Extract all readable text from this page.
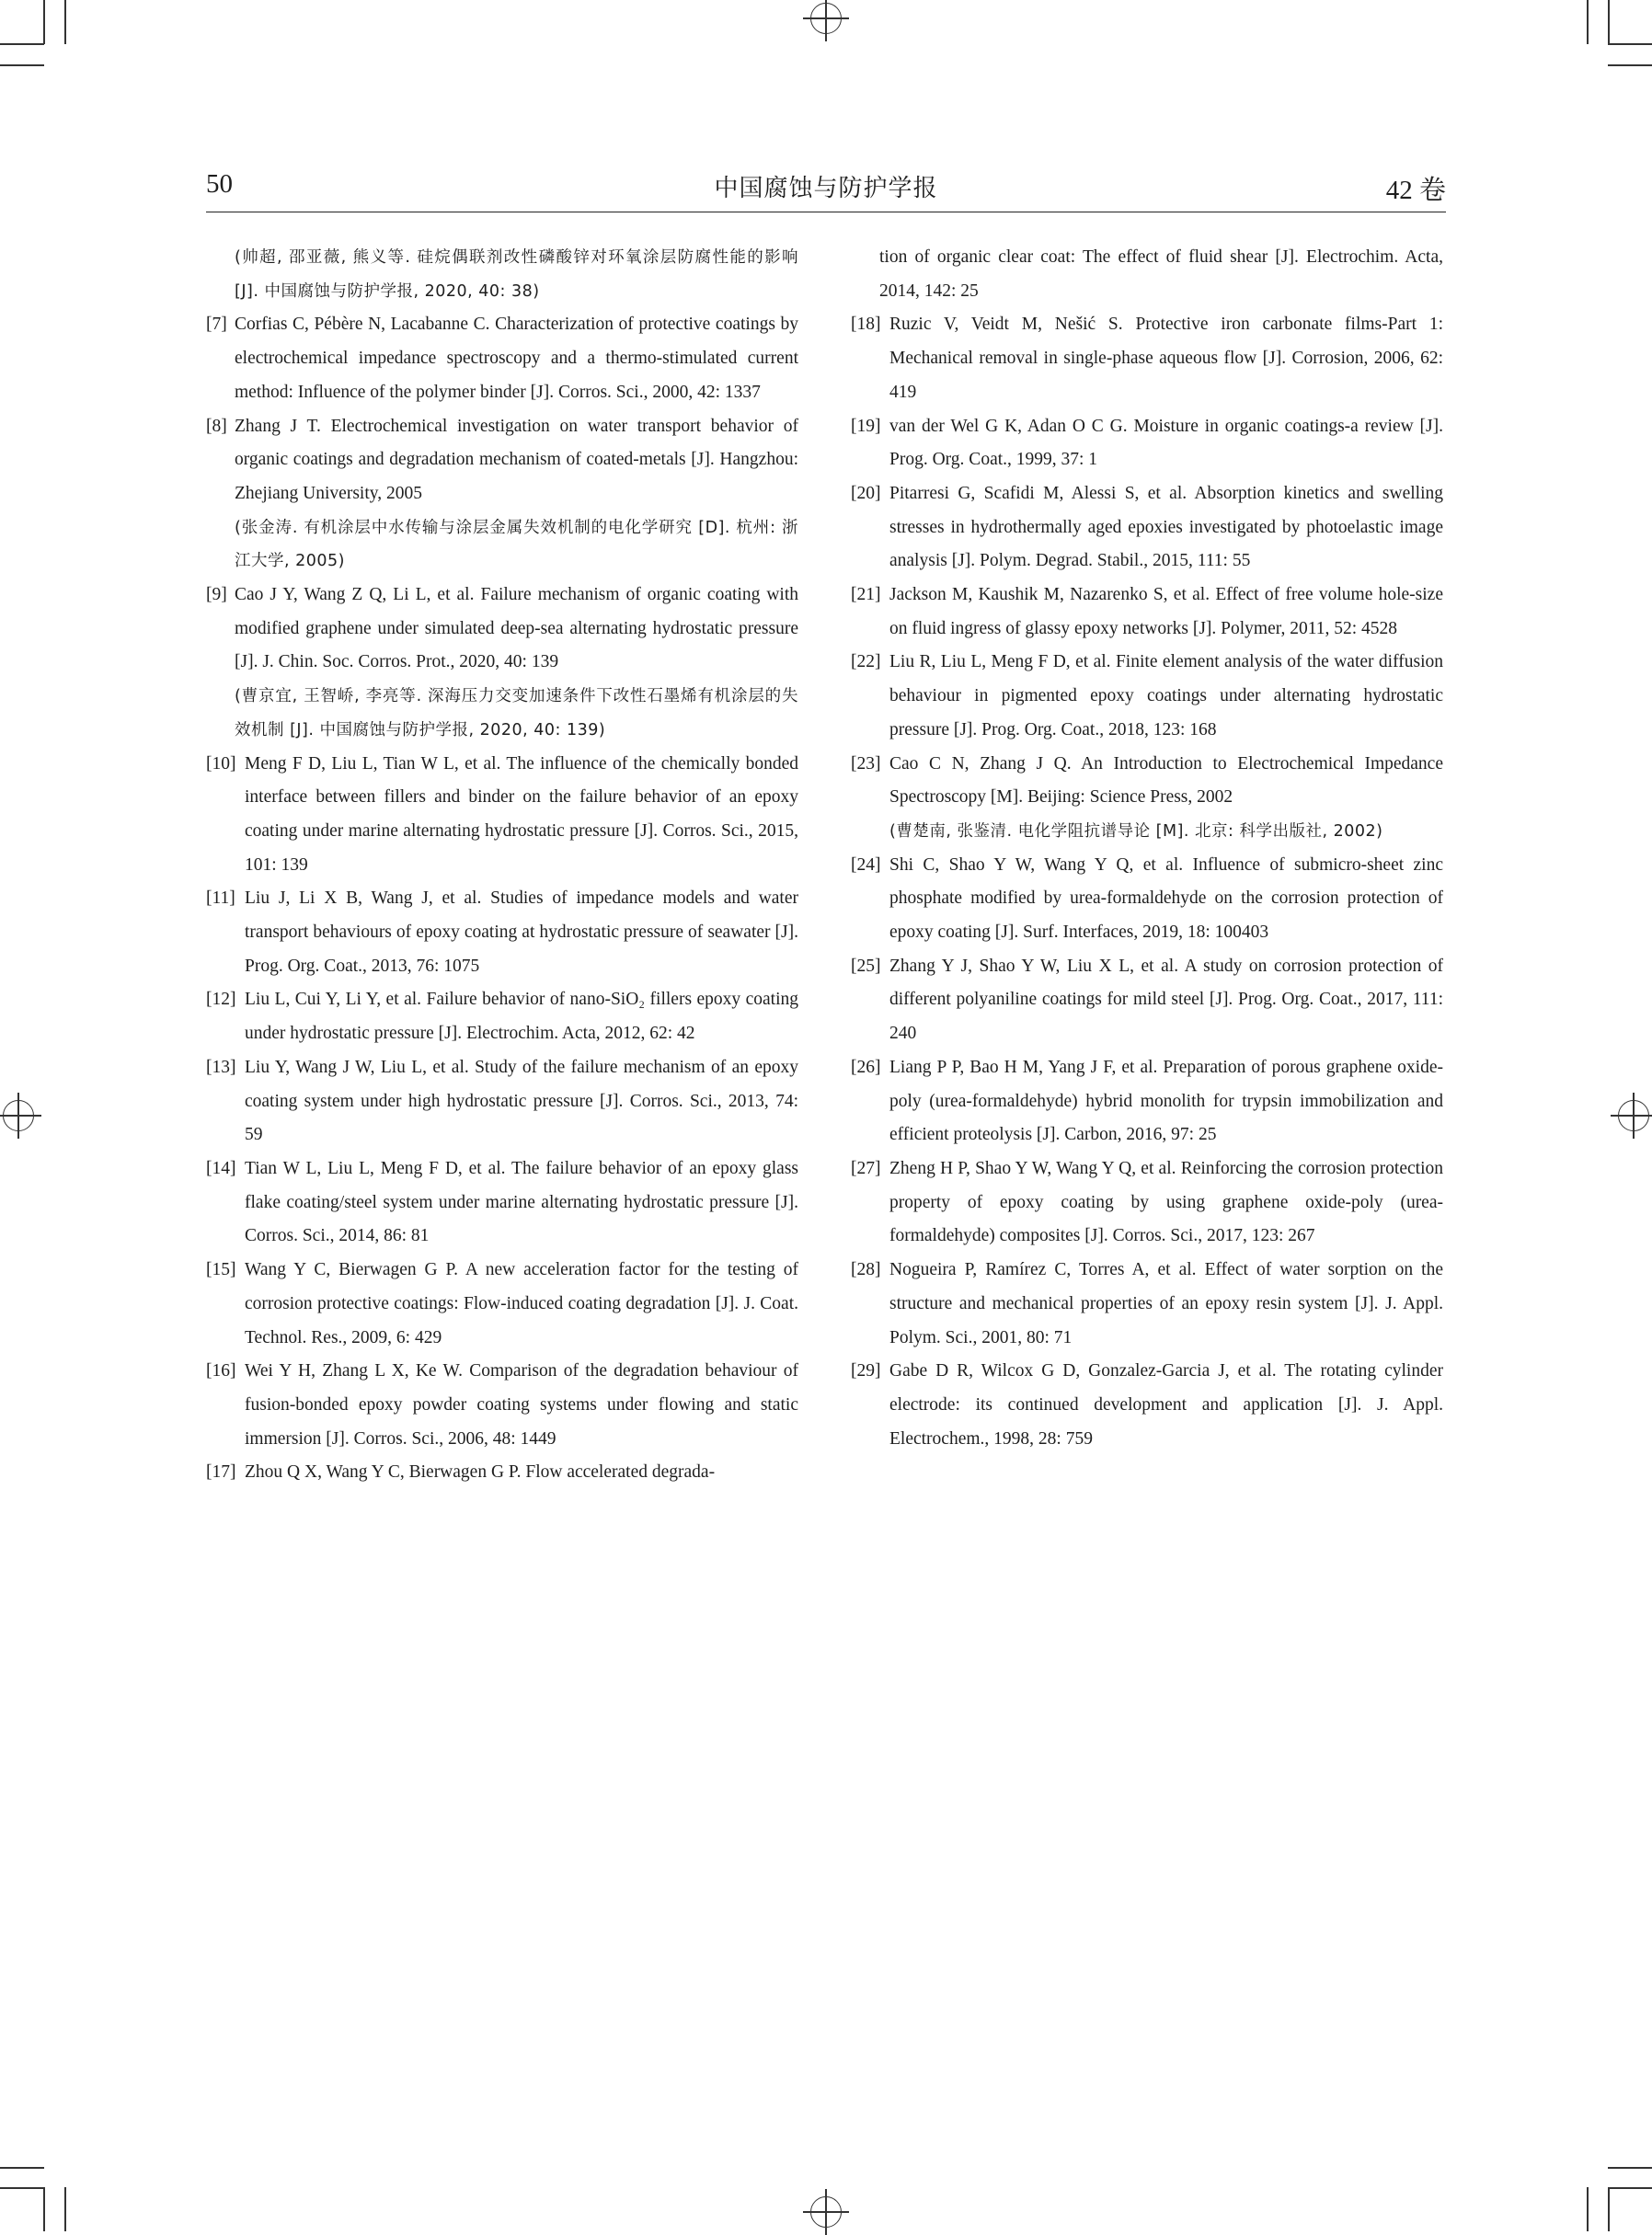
50	中国腐蚀与防护学报	42 卷
(帅超, 邵亚薇, 熊义等. 硅烷偶联剂改性磷酸锌对环氧涂层防腐性能的影响 [J]. 中国腐蚀与防护学报, 2020, 40: 38)
[7] Corfias C, Pébère N, Lacabanne C. Characterization of protective coatings by electrochemical impedance spectroscopy and a thermo-stimulated current method: Influence of the polymer binder [J]. Corros. Sci., 2000, 42: 1337
[8] Zhang J T. Electrochemical investigation on water transport behavior of organic coatings and degradation mechanism of coated-metals [J]. Hangzhou: Zhejiang University, 2005
(张金涛. 有机涂层中水传输与涂层金属失效机制的电化学研究 [D]. 杭州: 浙江大学, 2005)
[9] Cao J Y, Wang Z Q, Li L, et al. Failure mechanism of organic coating with modified graphene under simulated deep-sea alternating hydrostatic pressure [J]. J. Chin. Soc. Corros. Prot., 2020, 40: 139
(曹京宜, 王智峤, 李亮等. 深海压力交变加速条件下改性石墨烯有机涂层的失效机制 [J]. 中国腐蚀与防护学报, 2020, 40: 139)
[10] Meng F D, Liu L, Tian W L, et al. The influence of the chemically bonded interface between fillers and binder on the failure behavior of an epoxy coating under marine alternating hydrostatic pressure [J]. Corros. Sci., 2015, 101: 139
[11] Liu J, Li X B, Wang J, et al. Studies of impedance models and water transport behaviours of epoxy coating at hydrostatic pressure of seawater [J]. Prog. Org. Coat., 2013, 76: 1075
[12] Liu L, Cui Y, Li Y, et al. Failure behavior of nano-SiO₂ fillers epoxy coating under hydrostatic pressure [J]. Electrochim. Acta, 2012, 62: 42
[13] Liu Y, Wang J W, Liu L, et al. Study of the failure mechanism of an epoxy coating system under high hydrostatic pressure [J]. Corros. Sci., 2013, 74: 59
[14] Tian W L, Liu L, Meng F D, et al. The failure behavior of an epoxy glass flake coating/steel system under marine alternating hydrostatic pressure [J]. Corros. Sci., 2014, 86: 81
[15] Wang Y C, Bierwagen G P. A new acceleration factor for the testing of corrosion protective coatings: Flow-induced coating degradation [J]. J. Coat. Technol. Res., 2009, 6: 429
[16] Wei Y H, Zhang L X, Ke W. Comparison of the degradation behaviour of fusion-bonded epoxy powder coating systems under flowing and static immersion [J]. Corros. Sci., 2006, 48: 1449
[17] Zhou Q X, Wang Y C, Bierwagen G P. Flow accelerated degrada-
tion of organic clear coat: The effect of fluid shear [J]. Electrochim. Acta, 2014, 142: 25
[18] Ruzic V, Veidt M, Nešić S. Protective iron carbonate films-Part 1: Mechanical removal in single-phase aqueous flow [J]. Corrosion, 2006, 62: 419
[19] van der Wel G K, Adan O C G. Moisture in organic coatings-a review [J]. Prog. Org. Coat., 1999, 37: 1
[20] Pitarresi G, Scafidi M, Alessi S, et al. Absorption kinetics and swelling stresses in hydrothermally aged epoxies investigated by photoelastic image analysis [J]. Polym. Degrad. Stabil., 2015, 111: 55
[21] Jackson M, Kaushik M, Nazarenko S, et al. Effect of free volume hole-size on fluid ingress of glassy epoxy networks [J]. Polymer, 2011, 52: 4528
[22] Liu R, Liu L, Meng F D, et al. Finite element analysis of the water diffusion behaviour in pigmented epoxy coatings under alternating hydrostatic pressure [J]. Prog. Org. Coat., 2018, 123: 168
[23] Cao C N, Zhang J Q. An Introduction to Electrochemical Impedance Spectroscopy [M]. Beijing: Science Press, 2002
(曹楚南, 张鉴清. 电化学阻抗谱导论 [M]. 北京: 科学出版社, 2002)
[24] Shi C, Shao Y W, Wang Y Q, et al. Influence of submicro-sheet zinc phosphate modified by urea-formaldehyde on the corrosion protection of epoxy coating [J]. Surf. Interfaces, 2019, 18: 100403
[25] Zhang Y J, Shao Y W, Liu X L, et al. A study on corrosion protection of different polyaniline coatings for mild steel [J]. Prog. Org. Coat., 2017, 111: 240
[26] Liang P P, Bao H M, Yang J F, et al. Preparation of porous graphene oxide-poly (urea-formaldehyde) hybrid monolith for trypsin immobilization and efficient proteolysis [J]. Carbon, 2016, 97: 25
[27] Zheng H P, Shao Y W, Wang Y Q, et al. Reinforcing the corrosion protection property of epoxy coating by using graphene oxide-poly (urea-formaldehyde) composites [J]. Corros. Sci., 2017, 123: 267
[28] Nogueira P, Ramírez C, Torres A, et al. Effect of water sorption on the structure and mechanical properties of an epoxy resin system [J]. J. Appl. Polym. Sci., 2001, 80: 71
[29] Gabe D R, Wilcox G D, Gonzalez-Garcia J, et al. The rotating cylinder electrode: its continued development and application [J]. J. Appl. Electrochem., 1998, 28: 759
